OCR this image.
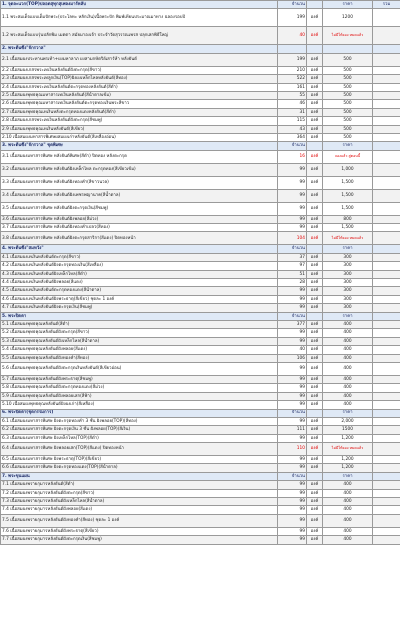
1. จุดละแวก(TOP)ปลอดสุทุกสุเพลงมาร์หลับ	จำนวน		ราคา	รวม
1.1 พระสมเด็จแบบเต็มปักพระ(ประโลหะ หลักเงิน)เนื้อพระปัก พิมพ์เทียนประมาณมาทาง ฉลองรอบปี	199	องค์	1200	
1.2 พระสมเด็จแบบรุ่นปลักพิม เมตตา สมัยมาองเจ้า ประจำวัดสุวรรณเพรส ปลุกเสกพิธีใหญ่	40	องค์	ไม่มีให้จอง หมดแล้ว	
2. พระต้นซึ่ง"จักรวาล"				
2.1 เนื้อสมผงประทานพรเท้า+ผงมหาลาภ ผงสามกษัตริย์เสาร์ห้า หลังยันต์	199	องค์	500	
2.2 เนื้อสมผงเกสรพระเทเงินหลังยันต์ฝังตะกรุด(สีขาว)	210	องค์	500	
2.3 เนื้อสมผงเกสรพระเทลูกเงิน(TOP)ฝังผงเหล็กไหลหลังยันต์(สีทอง)	522	องค์	500	
2.4 เนื้อสมผงเกสรพระเทเงินหลังยันต์ตะกรุดทองหลังยันต์(สีดำ)	161	องค์	500	
2.5 เนื้อสมผงพุทธคุณมหาสารเทเงินหลังยันต์(สีน้ำตาลเข้ม)	55	องค์	500	
2.6 เนื้อสมผงพุทธคุณมหาสารเทเงินหลังยันต์ตะกรุดทองเงินพระสีขาว	46	องค์	500	
2.7 เนื้อสมผงพุทธคุณเทเงินหลังตะกรุดทองแดงหลังยันต์(สีดำ)	31	องค์	500	
2.8 เนื้อสมผงเกสรพระเทเงินหลังยันต์ฝังตะกรุด(สีชมพู)	115	องค์	500	
2.9 เนื้อสมผงพุทธคุณเทเงินหลังยันต์(สีเขียว)	43	องค์	500	
2.10 เนื้อสมผงมหาสารพิเศษผสมผงเก่าหลังยันต์(สีเหลืองอ่อน)	364	องค์	500	
3. พระต้นซึ่ง"จักรวาล" ชุดพิเศษ	จำนวน		ราคา	
3.1 เนื้อสมผงมหาสารพิเศษ หลังยันต์พิเศษ(สีดำ) ปิดทอง หลังตะกรุด	16	องค์	จองแล้ว สู่ตอนนี้	
3.2 เนื้อสมผงมหาสารพิเศษ หลังยันต์ฝังเหล็กไหล ตะกรุดทอง(สีเขียวเข้ม)	99	องค์	1,000	
3.3 เนื้อสมผงมหาสารพิเศษ หลังยันต์ฝังทองคำ(สีขาวนวล)	99	องค์	1,500	
3.4 เนื้อสมผงมหาสารพิเศษ หลังยันต์ฝังเพชรพญานาค(สีน้ำตาล)	99	องค์	1,500	
3.5 เนื้อสมผงมหาสารพิเศษ หลังยันต์ฝังตะกรุดเงิน(สีชมพู)	99	องค์	1,500	
3.6 เนื้อสมผงมหาสารพิเศษ หลังยันต์ฝังพลอย(สีม่วง)	99	องค์	800	
3.7 เนื้อสมผงมหาสารพิเศษ หลังยันต์ฝังทองคำเปลว(สีทอง)	99	องค์	1,500	
3.8 เนื้อสมผงมหาสารพิเศษ หลังยันต์ฝังตะกรุดสาริกา(สีแดง) ปิดทองหน้า	104	องค์	ไม่มีให้จอง หมดแล้ว	
4. พระต้นซึ่ง"สมหวัง"	จำนวน		ราคา	
4.1 เนื้อสมผงเทเงินหลังยันต์ตะกรุด(สีขาว)	37	องค์	300	
4.2 เนื้อสมผงเทเงินหลังยันต์ฝังตะกรุดทองเงิน(สีเหลือง)	97	องค์	300	
4.3 เนื้อสมผงเทเงินหลังยันต์ฝังเหล็กไหล(สีดำ)	51	องค์	300	
4.4 เนื้อสมผงเทเงินหลังยันต์ฝังพลอย(สีแดง)	28	องค์	300	
4.5 เนื้อสมผงเทเงินหลังยันต์ตะกรุดทองแดง(สีน้ำตาล)	99	องค์	300	
4.6 เนื้อสมผงเทเงินหลังยันต์ฝังพระธาตุ(สีเขียว) ชุดละ 1 องค์	99	องค์	300	
4.7 เนื้อสมผงเทเงินหลังยันต์ฝังตะกรุดเงิน(สีชมพู)	99	องค์	300	
5. พระปิดตา	จำนวน		ราคา	
5.1 เนื้อสมผงพุทธคุณหลังยันต์(สีดำ)	377	องค์	400	
5.2 เนื้อสมผงพุทธคุณหลังยันต์ฝังตะกรุด(สีขาว)	99	องค์	400	
5.3 เนื้อสมผงพุทธคุณหลังยันต์ฝังเหล็กไหล(สีน้ำตาล)	99	องค์	400	
5.4 เนื้อสมผงพุทธคุณหลังยันต์ฝังพลอย(สีแดง)	40	องค์	400	
5.5 เนื้อสมผงพุทธคุณหลังยันต์ฝังทองคำ(สีทอง)	106	องค์	400	
5.6 เนื้อสมผงพุทธคุณหลังยันต์ฝังตะกรุดเงินหลังยันต์(สีเขียวอ่อน)	99	องค์	400	
5.7 เนื้อสมผงพุทธคุณหลังยันต์ฝังพระธาตุ(สีชมพู)	99	องค์	400	
5.8 เนื้อสมผงพุทธคุณหลังยันต์ฝังตะกรุดทองแดง(สีม่วง)	99	องค์	400	
5.9 เนื้อสมผงพุทธคุณหลังยันต์ฝังพลอยเสก(สีฟ้า)	99	องค์	400	
5.10 เนื้อสมผงพุทธคุณหลังยันต์ฝังผงเก่า(สีเหลือง)	99	องค์	400	
6. พระปิดตา(ชุดกรรมการ)	จำนวน		ราคา	
6.1 เนื้อสมผงมหาสารพิเศษ ฝังตะกรุดทองคำ 3 ชั้น ฝังพลอย(TOP)(สีทอง)	99	องค์	2,000	
6.2 เนื้อสมผงมหาสารพิเศษ ฝังตะกรุดเงิน 3 ชั้น ฝังพลอย(TOP)(สีเงิน)	111	องค์	1500	
6.3 เนื้อสมผงมหาสารพิเศษ ฝังเหล็กไหล(TOP)(สีดำ)	99	องค์	1,200	
6.4 เนื้อสมผงมหาสารพิเศษ ฝังพลอยเสก(TOP)(สีแดง) ปิดทองหน้า	110	องค์	ไม่มีให้จอง หมดแล้ว	
6.5 เนื้อสมผงมหาสารพิเศษ ฝังพระธาตุ(TOP)(สีเขียว)	99	องค์	1,200	
6.6 เนื้อสมผงมหาสารพิเศษ ฝังตะกรุดทองแดง(TOP)(สีน้ำตาล)	99	องค์	1,200	
7. พระขุนแผน	จำนวน		ราคา	
7.1 เนื้อสมผงพรายกุมารหลังยันต์(สีดำ)	99	องค์	400	
7.2 เนื้อสมผงพรายกุมารหลังยันต์ฝังตะกรุด(สีขาว)	99	องค์	400	
7.3 เนื้อสมผงพรายกุมารหลังยันต์ฝังเหล็กไหล(สีน้ำตาล)	99	องค์	400	
7.4 เนื้อสมผงพรายกุมารหลังยันต์ฝังพลอย(สีแดง)	99	องค์	400	
7.5 เนื้อสมผงพรายกุมารหลังยันต์ฝังทองคำ(สีทอง) ชุดละ 1 องค์	99	องค์	400	
7.6 เนื้อสมผงพรายกุมารหลังยันต์ฝังพระธาตุ(สีเขียว)	99	องค์	400	
7.7 เนื้อสมผงพรายกุมารหลังยันต์ฝังตะกรุดเงิน(สีชมพู)	99	องค์	400	
